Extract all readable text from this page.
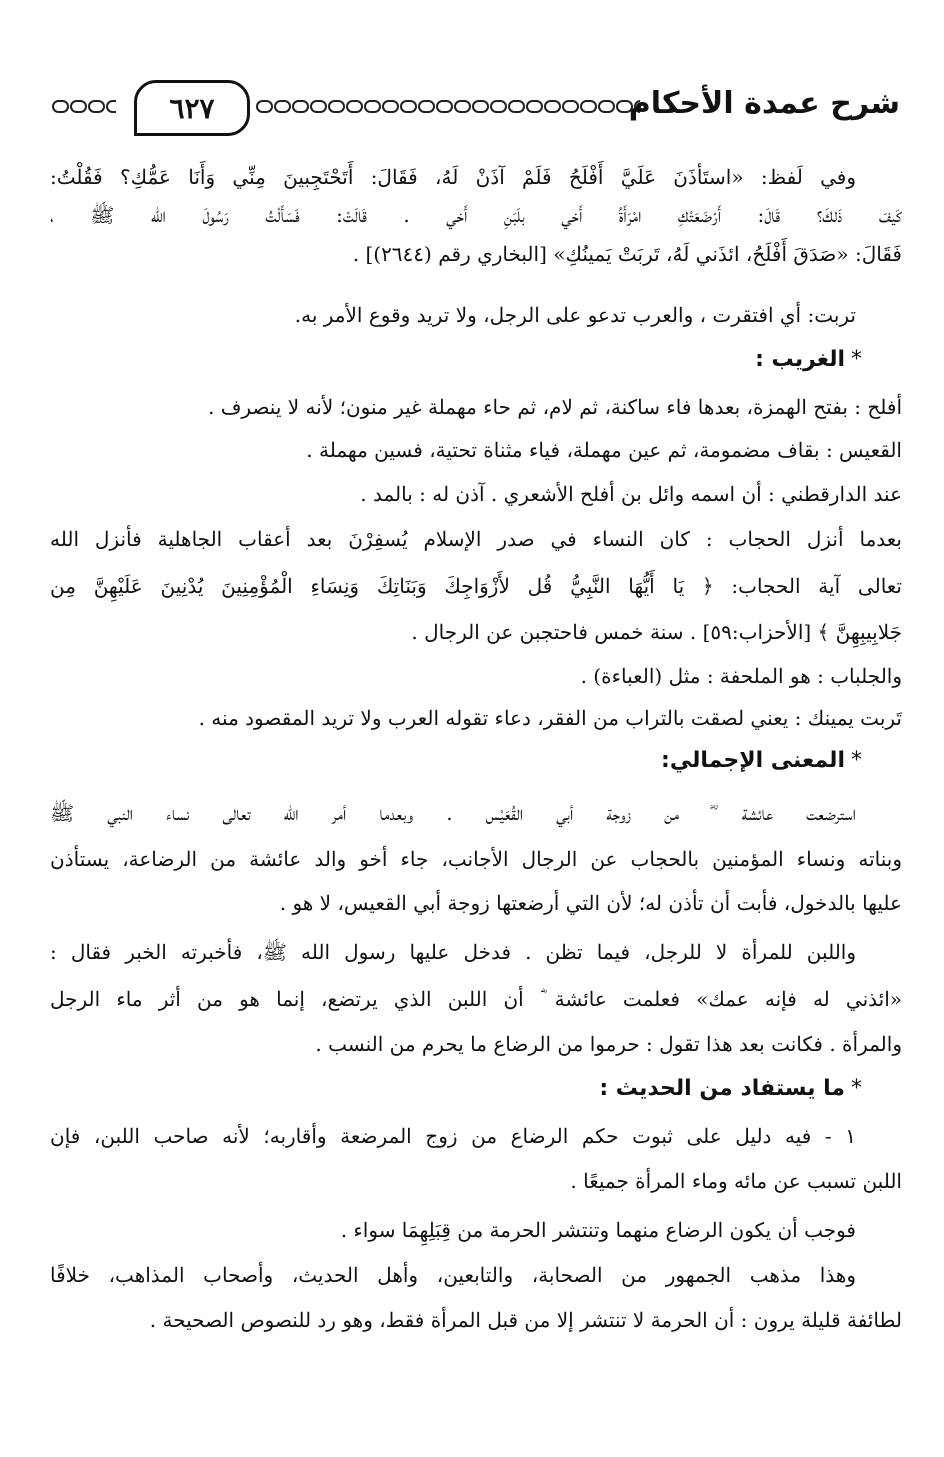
٦٢٧	شرح عمدة الأحكام
وفي لَفظ: «استَأذَنَ عَلَيَّ أَفْلَحُ فَلَمْ آذَنْ لَهُ، فَقَالَ: أَتَحْتَجِبينَ مِنِّي وَأَنَا عَمُّكِ؟ فَقُلْتُ:
كَيفَ ذَلكَ؟ قَالَ: أَرْضَعَتْكِ امْرَأَةُ أَخي بلَبَنِ أَخي . قَالَتْ: فَسَأَلْتُ رَسُولَ الله ﷺ ،
فَقَالَ: «صَدَقَ أَفْلَحُ، ائذَني لَهُ، تَربَتْ يَمينُكِ» [البخاري رقم (٢٦٤٤)] .
تربت: أي افتقرت ، والعرب تدعو على الرجل، ولا تريد وقوع الأمر به.
*الغريب :
أفلح : بفتح الهمزة، بعدها فاء ساكنة، ثم لام، ثم حاء مهملة غير منون؛ لأنه لا ينصرف .
القعيس : بقاف مضمومة، ثم عين مهملة، فياء مثناة تحتية، فسين مهملة .
عند الدارقطني : أن اسمه وائل بن أفلح الأشعري . آذن له : بالمد .
بعدما أنزل الحجاب : كان النساء في صدر الإسلام يُسفِرْنَ بعد أعقاب الجاهلية فأنزل الله
تعالى آية الحجاب: ﴿ يَا أَيُّهَا النَّبِيُّ قُل لأَزْوَاجِكَ وَبَنَاتِكَ وَنِسَاءِ الْمُؤْمِنِينَ يُدْنِينَ عَلَيْهِنَّ مِن
جَلابِيبِهِنَّ ﴾ [الأحزاب:٥٩] . سنة خمس فاحتجبن عن الرجال .
والجلباب : هو الملحفة : مثل (العباءة) .
تَربت يمينك : يعني لصقت بالتراب من الفقر، دعاء تقوله العرب ولا تريد المقصود منه .
*المعنى الإجمالي:
استرضعت عائشة ؓ من زوجة أبي القُعَيْس . وبعدما أمر الله تعالى نساء النبي ﷺ
وبناته ونساء المؤمنين بالحجاب عن الرجال الأجانب، جاء أخو والد عائشة من الرضاعة، يستأذن
عليها بالدخول، فأبت أن تأذن له؛ لأن التي أرضعتها زوجة أبي القعيس، لا هو .
واللبن للمرأة لا للرجل، فيما تظن . فدخل عليها رسول الله ﷺ، فأخبرته الخبر فقال :
«ائذني له فإنه عمك» فعلمت عائشة ؓ أن اللبن الذي يرتضع، إنما هو من أثر ماء الرجل
والمرأة . فكانت بعد هذا تقول : حرموا من الرضاع ما يحرم من النسب .
*ما يستفاد من الحديث :
١ - فيه دليل على ثبوت حكم الرضاع من زوج المرضعة وأقاربه؛ لأنه صاحب اللبن، فإن
اللبن تسبب عن مائه وماء المرأة جميعًا .
فوجب أن يكون الرضاع منهما وتنتشر الحرمة من قِبَلِهِمَا سواء .
وهذا مذهب الجمهور من الصحابة، والتابعين، وأهل الحديث، وأصحاب المذاهب، خلافًا
لطائفة قليلة يرون : أن الحرمة لا تنتشر إلا من قبل المرأة فقط، وهو رد للنصوص الصحيحة .
